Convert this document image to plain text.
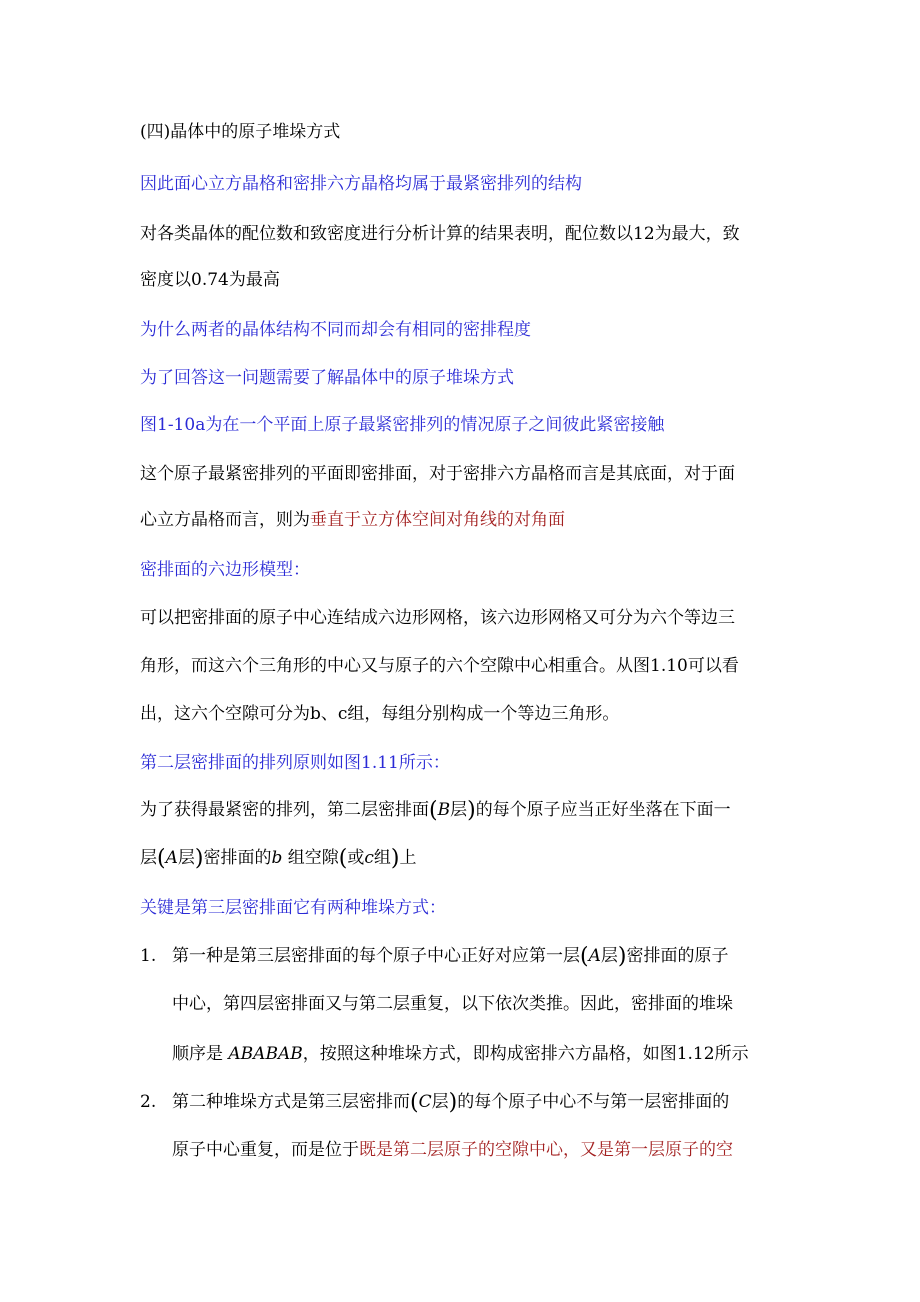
(四)晶体中的原子堆垛方式
因此面心立方晶格和密排六方晶格均属于最紧密排列的结构
对各类晶体的配位数和致密度进行分析计算的结果表明，配位数以12为最大，致
密度以0.74为最高
为什么两者的晶体结构不同而却会有相同的密排程度
为了回答这一问题需要了解晶体中的原子堆垛方式
图1-10a为在一个平面上原子最紧密排列的情况原子之间彼此紧密接触
这个原子最紧密排列的平面即密排面，对于密排六方晶格而言是其底面，对于面
心立方晶格而言，则为垂直于立方体空间对角线的对角面
密排面的六边形模型：
可以把密排面的原子中心连结成六边形网格，该六边形网格又可分为六个等边三
角形，而这六个三角形的中心又与原子的六个空隙中心相重合。从图1.10可以看
出，这六个空隙可分为b、c组，每组分别构成一个等边三角形。
第二层密排面的排列原则如图1.11所示：
为了获得最紧密的排列，第二层密排面(B层)的每个原子应当正好坐落在下面一
层(A层)密排面的b 组空隙(或c组)上
关键是第三层密排面它有两种堆垛方式：
1. 第一种是第三层密排面的每个原子中心正好对应第一层(A层)密排面的原子
中心，第四层密排面又与第二层重复，以下依次类推。因此，密排面的堆垛
顺序是 ABABAB，按照这种堆垛方式，即构成密排六方晶格，如图1.12所示
2. 第二种堆垛方式是第三层密排而(C层)的每个原子中心不与第一层密排面的
原子中心重复，而是位于既是第二层原子的空隙中心，又是第一层原子的空
